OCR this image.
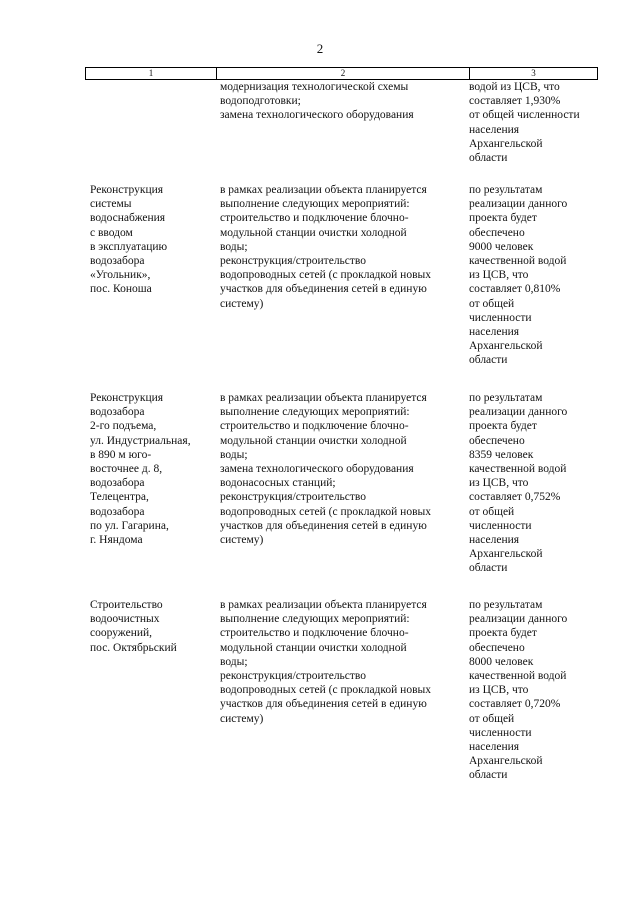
2
1	2	3
модернизация технологической схемы
водоподготовки;
замена технологического оборудования
водой из ЦСВ, что
составляет 1,930%
от общей численности
населения
Архангельской
области
Реконструкция
системы
водоснабжения
с вводом
в эксплуатацию
водозабора
«Угольник»,
пос. Коноша
в рамках реализации объекта планируется
выполнение следующих мероприятий:
строительство и подключение блочно-
модульной станции очистки холодной
воды;
реконструкция/строительство
водопроводных сетей (с прокладкой новых
участков для объединения сетей в единую
систему)
по результатам
реализации данного
проекта будет
обеспечено
9000 человек
качественной водой
из ЦСВ, что
составляет 0,810%
от общей
численности
населения
Архангельской
области
Реконструкция
водозабора
2-го подъема,
ул. Индустриальная,
в 890 м юго-
восточнее д. 8,
водозабора
Телецентра,
водозабора
по ул. Гагарина,
г. Няндома
в рамках реализации объекта планируется
выполнение следующих мероприятий:
строительство и подключение блочно-
модульной станции очистки холодной
воды;
замена технологического оборудования
водонасосных станций;
реконструкция/строительство
водопроводных сетей (с прокладкой новых
участков для объединения сетей в единую
систему)
по результатам
реализации данного
проекта будет
обеспечено
8359 человек
качественной водой
из ЦСВ, что
составляет 0,752%
от общей
численности
населения
Архангельской
области
Строительство
водоочистных
сооружений,
пос. Октябрьский
в рамках реализации объекта планируется
выполнение следующих мероприятий:
строительство и подключение блочно-
модульной станции очистки холодной
воды;
реконструкция/строительство
водопроводных сетей (с прокладкой новых
участков для объединения сетей в единую
систему)
по результатам
реализации данного
проекта будет
обеспечено
8000 человек
качественной водой
из ЦСВ, что
составляет 0,720%
от общей
численности
населения
Архангельской
области
